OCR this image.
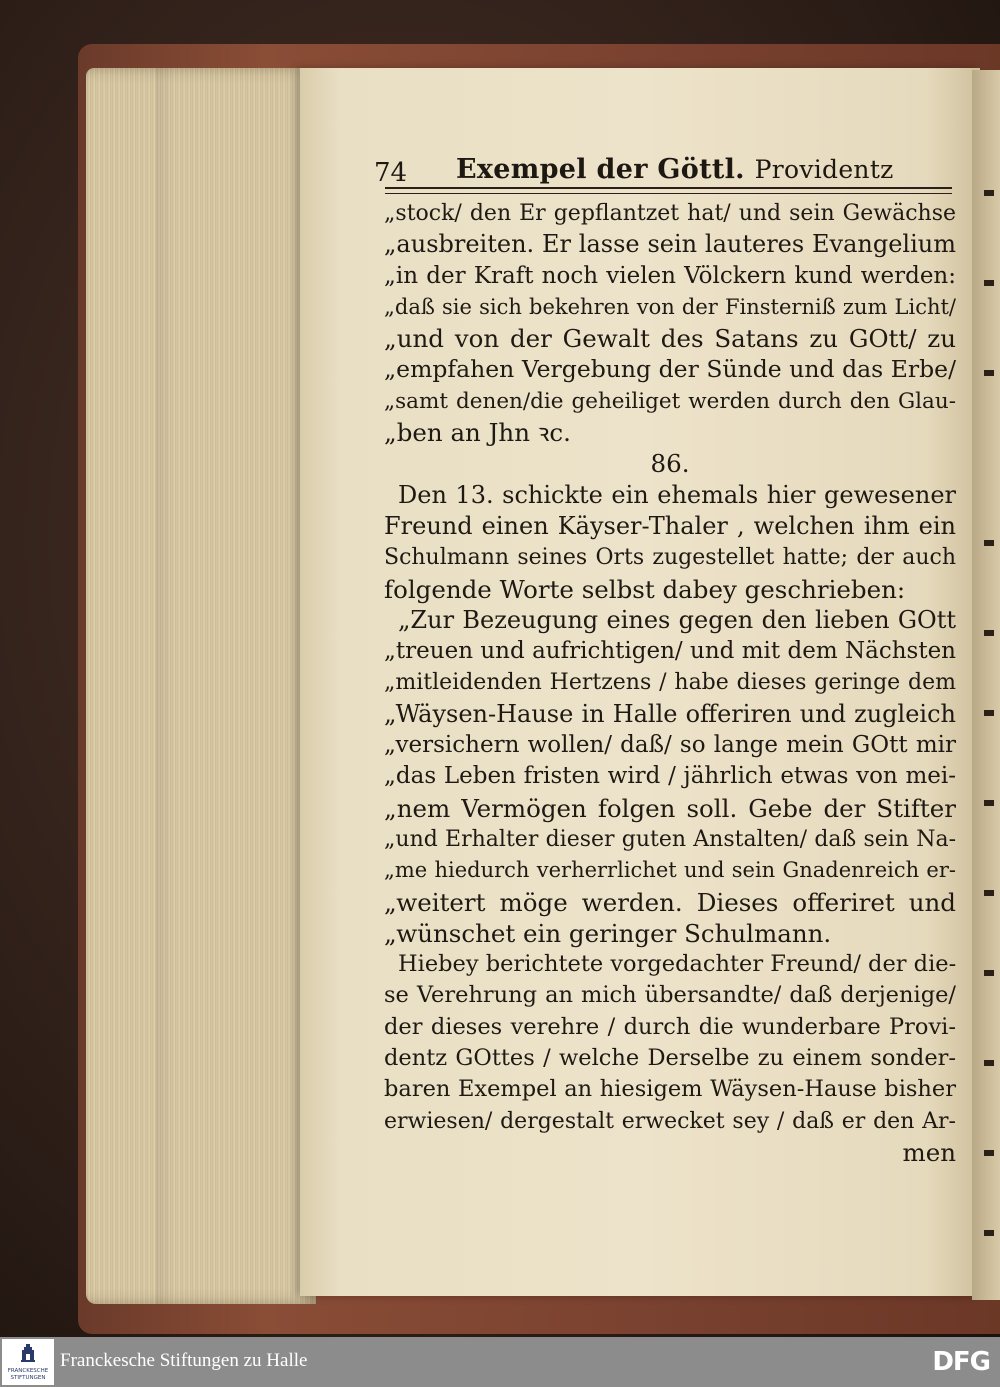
74 Exempel der Göttl. Providentz
„stock/ den Er gepflantzet hat/ und sein Gewächse
„ausbreiten. Er lasse sein lauteres Evangelium
„in der Kraft noch vielen Völckern kund werden:
„daß sie sich bekehren von der Finsterniß zum Licht/
„und von der Gewalt des Satans zu GOtt/ zu
„empfahen Vergebung der Sünde und das Erbe/
„samt denen/die geheiliget werden durch den Glau-
„ben an Jhn ꝛc.
86.
Den 13. schickte ein ehemals hier gewesener
Freund einen Käyser-Thaler , welchen ihm ein
Schulmann seines Orts zugestellet hatte; der auch
folgende Worte selbst dabey geschrieben:
„Zur Bezeugung eines gegen den lieben GOtt
„treuen und aufrichtigen/ und mit dem Nächsten
„mitleidenden Hertzens / habe dieses geringe dem
„Wäysen-Hause in Halle offeriren und zugleich
„versichern wollen/ daß/ so lange mein GOtt mir
„das Leben fristen wird / jährlich etwas von mei-
„nem Vermögen folgen soll. Gebe der Stifter
„und Erhalter dieser guten Anstalten/ daß sein Na-
„me hiedurch verherrlichet und sein Gnadenreich er-
„weitert möge werden. Dieses offeriret und
„wünschet ein geringer Schulmann.
Hiebey berichtete vorgedachter Freund/ der die-
se Verehrung an mich übersandte/ daß derjenige/
der dieses verehre / durch die wunderbare Provi-
dentz GOttes / welche Derselbe zu einem sonder-
baren Exempel an hiesigem Wäysen-Hause bisher
erwiesen/ dergestalt erwecket sey / daß er den Ar-
men
FRANCKESCHE
STIFTUNGEN
Franckesche Stiftungen zu Halle	DFG
